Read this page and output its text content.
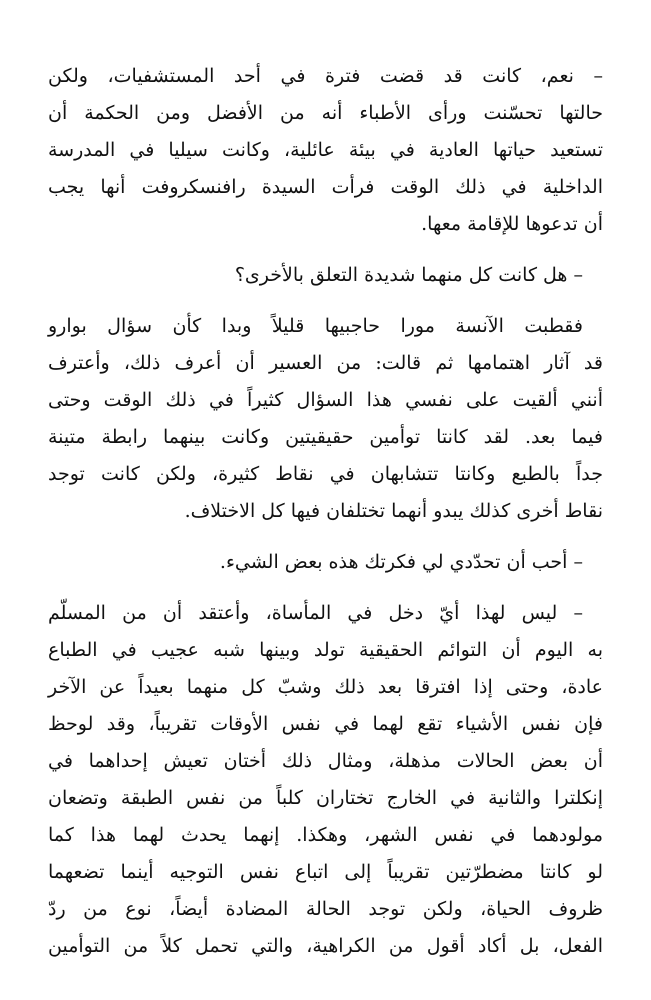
– نعم، كانت قد قضت فترة في أحد المستشفيات، ولكن
حالتها تحسّنت ورأى الأطباء أنه من الأفضل ومن الحكمة أن
تستعيد حياتها العادية في بيئة عائلية، وكانت سيليا في المدرسة
الداخلية في ذلك الوقت فرأت السيدة رافنسكروفت أنها يجب
أن تدعوها للإقامة معها.
– هل كانت كل منهما شديدة التعلق بالأخرى؟
فقطبت الآنسة مورا حاجبيها قليلاً وبدا كأن سؤال بوارو
قد آثار اهتمامها ثم قالت: من العسير أن أعرف ذلك، وأعترف
أنني ألقيت على نفسي هذا السؤال كثيراً في ذلك الوقت وحتى
فيما بعد. لقد كانتا توأمين حقيقيتين وكانت بينهما رابطة متينة
جداً بالطبع وكانتا تتشابهان في نقاط كثيرة، ولكن كانت توجد
نقاط أخرى كذلك يبدو أنهما تختلفان فيها كل الاختلاف.
– أحب أن تحدّدي لي فكرتك هذه بعض الشيء.
– ليس لهذا أيّ دخل في المأساة، وأعتقد أن من المسلّم
به اليوم أن التوائم الحقيقية تولد وبينها شبه عجيب في الطباع
عادة، وحتى إذا افترقا بعد ذلك وشبّ كل منهما بعيداً عن الآخر
فإن نفس الأشياء تقع لهما في نفس الأوقات تقريباً، وقد لوحظ
أن بعض الحالات مذهلة، ومثال ذلك أختان تعيش إحداهما في
إنكلترا والثانية في الخارج تختاران كلباً من نفس الطبقة وتضعان
مولودهما في نفس الشهر، وهكذا. إنهما يحدث لهما هذا كما
لو كانتا مضطرّتين تقريباً إلى اتباع نفس التوجيه أينما تضعهما
ظروف الحياة، ولكن توجد الحالة المضادة أيضاً، نوع من ردّ
الفعل، بل أكاد أقول من الكراهية، والتي تحمل كلاً من التوأمين
